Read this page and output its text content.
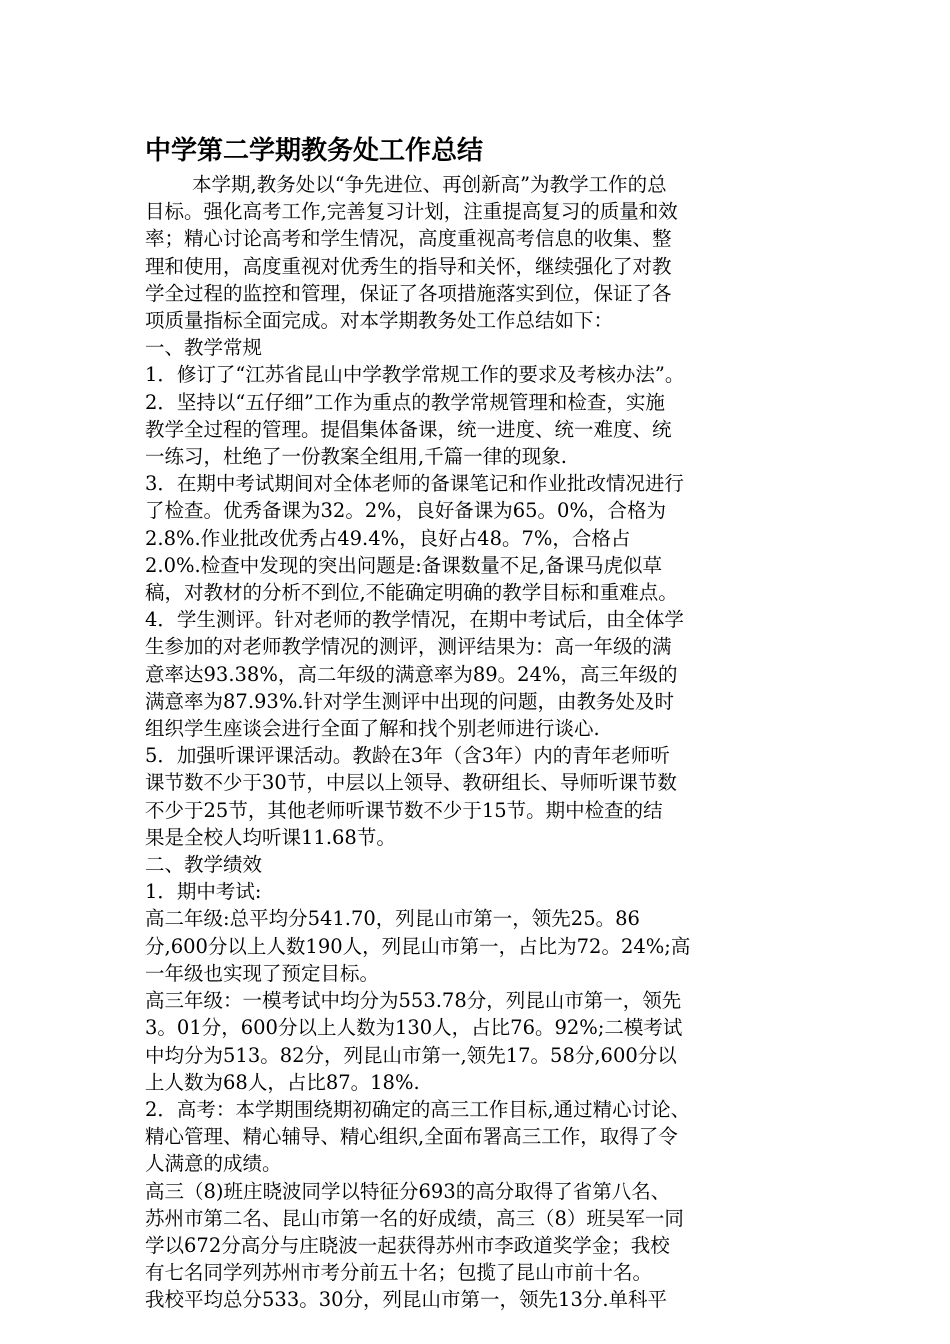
中学第二学期教务处工作总结
本学期,教务处以“争先进位、再创新高”为教学工作的总
目标。强化高考工作,完善复习计划，注重提高复习的质量和效
率；精心讨论高考和学生情况，高度重视高考信息的收集、整
理和使用，高度重视对优秀生的指导和关怀，继续强化了对教
学全过程的监控和管理，保证了各项措施落实到位，保证了各
项质量指标全面完成。对本学期教务处工作总结如下：
一、教学常规
1．修订了“江苏省昆山中学教学常规工作的要求及考核办法”。
2．坚持以“五仔细”工作为重点的教学常规管理和检查，实施
教学全过程的管理。提倡集体备课，统一进度、统一难度、统
一练习，杜绝了一份教案全组用,千篇一律的现象.
3．在期中考试期间对全体老师的备课笔记和作业批改情况进行
了检查。优秀备课为32。2%，良好备课为65。0%，合格为
2.8%.作业批改优秀占49.4%，良好占48。7%，合格占
2.0%.检查中发现的突出问题是:备课数量不足,备课马虎似草
稿，对教材的分析不到位,不能确定明确的教学目标和重难点。
4．学生测评。针对老师的教学情况，在期中考试后，由全体学
生参加的对老师教学情况的测评，测评结果为：高一年级的满
意率达93.38%，高二年级的满意率为89。24%，高三年级的
满意率为87.93%.针对学生测评中出现的问题，由教务处及时
组织学生座谈会进行全面了解和找个别老师进行谈心.
5．加强听课评课活动。教龄在3年（含3年）内的青年老师听
课节数不少于30节，中层以上领导、教研组长、导师听课节数
不少于25节，其他老师听课节数不少于15节。期中检查的结
果是全校人均听课11.68节。
二、教学绩效
1．期中考试:
高二年级:总平均分541.70，列昆山市第一，领先25。86
分,600分以上人数190人，列昆山市第一，占比为72。24%;高
一年级也实现了预定目标。
高三年级：一模考试中均分为553.78分，列昆山市第一，领先
3。01分，600分以上人数为130人，占比76。92%;二模考试
中均分为513。82分，列昆山市第一,领先17。58分,600分以
上人数为68人，占比87。18%.
2．高考：本学期围绕期初确定的高三工作目标,通过精心讨论、
精心管理、精心辅导、精心组织,全面布署高三工作，取得了令
人满意的成绩。
高三（8)班庄晓波同学以特征分693的高分取得了省第八名、
苏州市第二名、昆山市第一名的好成绩，高三（8）班吴军一同
学以672分高分与庄晓波一起获得苏州市李政道奖学金；我校
有七名同学列苏州市考分前五十名；包揽了昆山市前十名。
我校平均总分533。30分，列昆山市第一，领先13分.单科平
